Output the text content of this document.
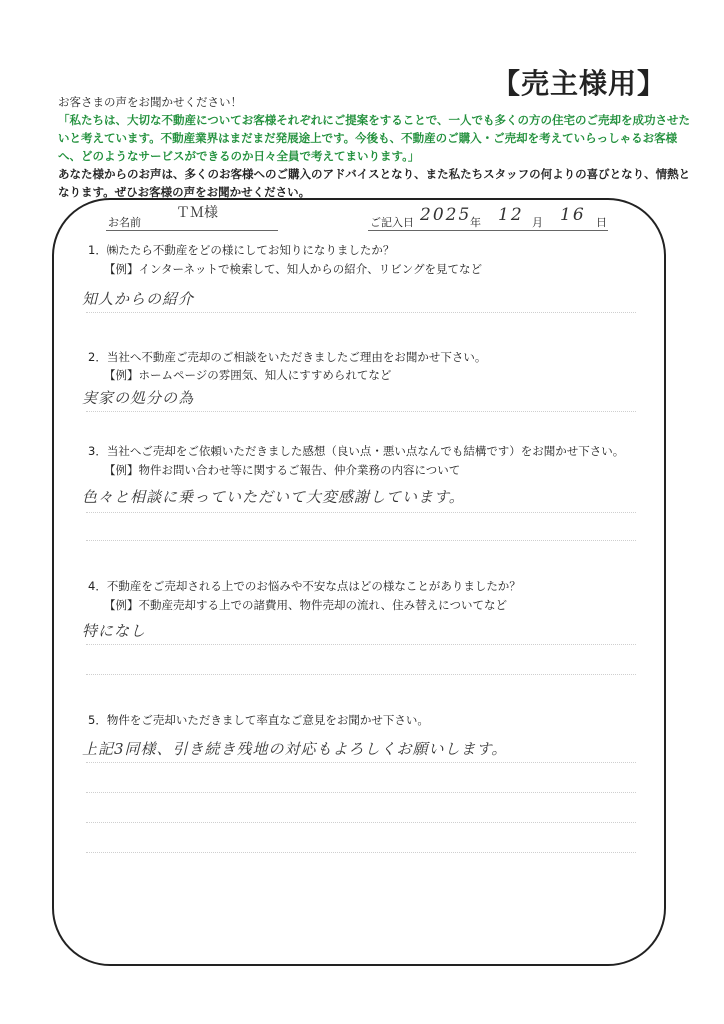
【売主様用】
お客さまの声をお聞かせください！
「私たちは、大切な不動産についてお客様それぞれにご提案をすることで、一人でも多くの方の住宅のご売却を成功させたいと考えています。不動産業界はまだまだ発展途上です。今後も、不動産のご購入・ご売却を考えていらっしゃるお客様へ、どのようなサービスができるのか日々全員で考えてまいります。」
あなた様からのお声は、多くのお客様へのご購入のアドバイスとなり、また私たちスタッフの何よりの喜びとなり、情熱となります。ぜひお客様の声をお聞かせください。
お名前
ＴＭ様
ご記入日 2025
年 12 月 16 日
1．㈱たたら不動産をどの様にしてお知りになりましたか？
【例】インターネットで検索して、知人からの紹介、リビングを見てなど
知人からの紹介
2．当社へ不動産ご売却のご相談をいただきましたご理由をお聞かせ下さい。
【例】ホームページの雰囲気、知人にすすめられてなど
実家の処分の為
3．当社へご売却をご依頼いただきました感想（良い点・悪い点なんでも結構です）をお聞かせ下さい。
【例】物件お問い合わせ等に関するご報告、仲介業務の内容について
色々と相談に乗っていただいて大変感謝しています。
4．不動産をご売却される上でのお悩みや不安な点はどの様なことがありましたか？
【例】不動産売却する上での諸費用、物件売却の流れ、住み替えについてなど
特になし
5．物件をご売却いただきまして率直なご意見をお聞かせ下さい。
上記3同様、引き続き残地の対応もよろしくお願いします。
